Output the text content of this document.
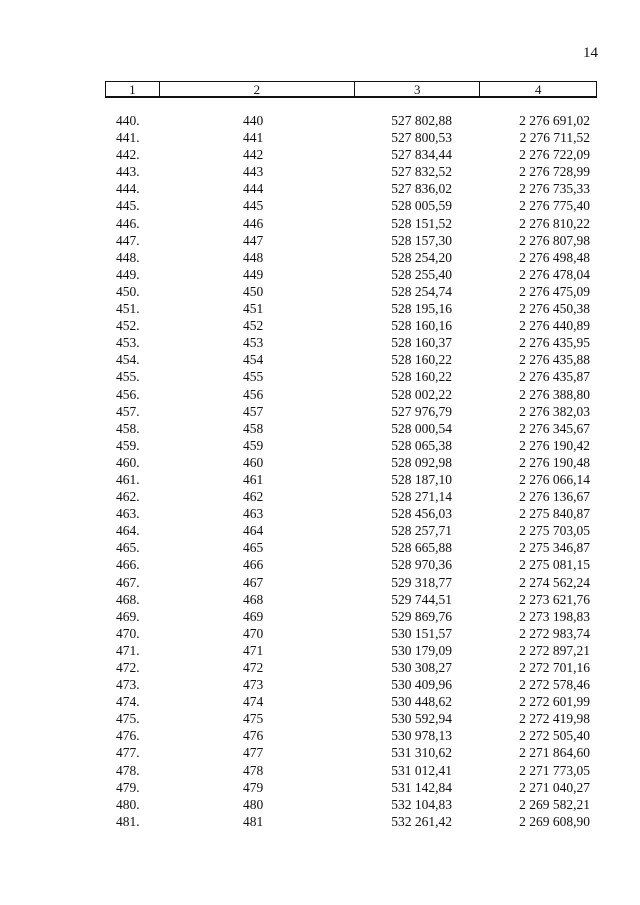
14
1	2	3	4
440.	440	527 802,88	2 276 691,02
441.	441	527 800,53	2 276 711,52
442.	442	527 834,44	2 276 722,09
443.	443	527 832,52	2 276 728,99
444.	444	527 836,02	2 276 735,33
445.	445	528 005,59	2 276 775,40
446.	446	528 151,52	2 276 810,22
447.	447	528 157,30	2 276 807,98
448.	448	528 254,20	2 276 498,48
449.	449	528 255,40	2 276 478,04
450.	450	528 254,74	2 276 475,09
451.	451	528 195,16	2 276 450,38
452.	452	528 160,16	2 276 440,89
453.	453	528 160,37	2 276 435,95
454.	454	528 160,22	2 276 435,88
455.	455	528 160,22	2 276 435,87
456.	456	528 002,22	2 276 388,80
457.	457	527 976,79	2 276 382,03
458.	458	528 000,54	2 276 345,67
459.	459	528 065,38	2 276 190,42
460.	460	528 092,98	2 276 190,48
461.	461	528 187,10	2 276 066,14
462.	462	528 271,14	2 276 136,67
463.	463	528 456,03	2 275 840,87
464.	464	528 257,71	2 275 703,05
465.	465	528 665,88	2 275 346,87
466.	466	528 970,36	2 275 081,15
467.	467	529 318,77	2 274 562,24
468.	468	529 744,51	2 273 621,76
469.	469	529 869,76	2 273 198,83
470.	470	530 151,57	2 272 983,74
471.	471	530 179,09	2 272 897,21
472.	472	530 308,27	2 272 701,16
473.	473	530 409,96	2 272 578,46
474.	474	530 448,62	2 272 601,99
475.	475	530 592,94	2 272 419,98
476.	476	530 978,13	2 272 505,40
477.	477	531 310,62	2 271 864,60
478.	478	531 012,41	2 271 773,05
479.	479	531 142,84	2 271 040,27
480.	480	532 104,83	2 269 582,21
481.	481	532 261,42	2 269 608,90
